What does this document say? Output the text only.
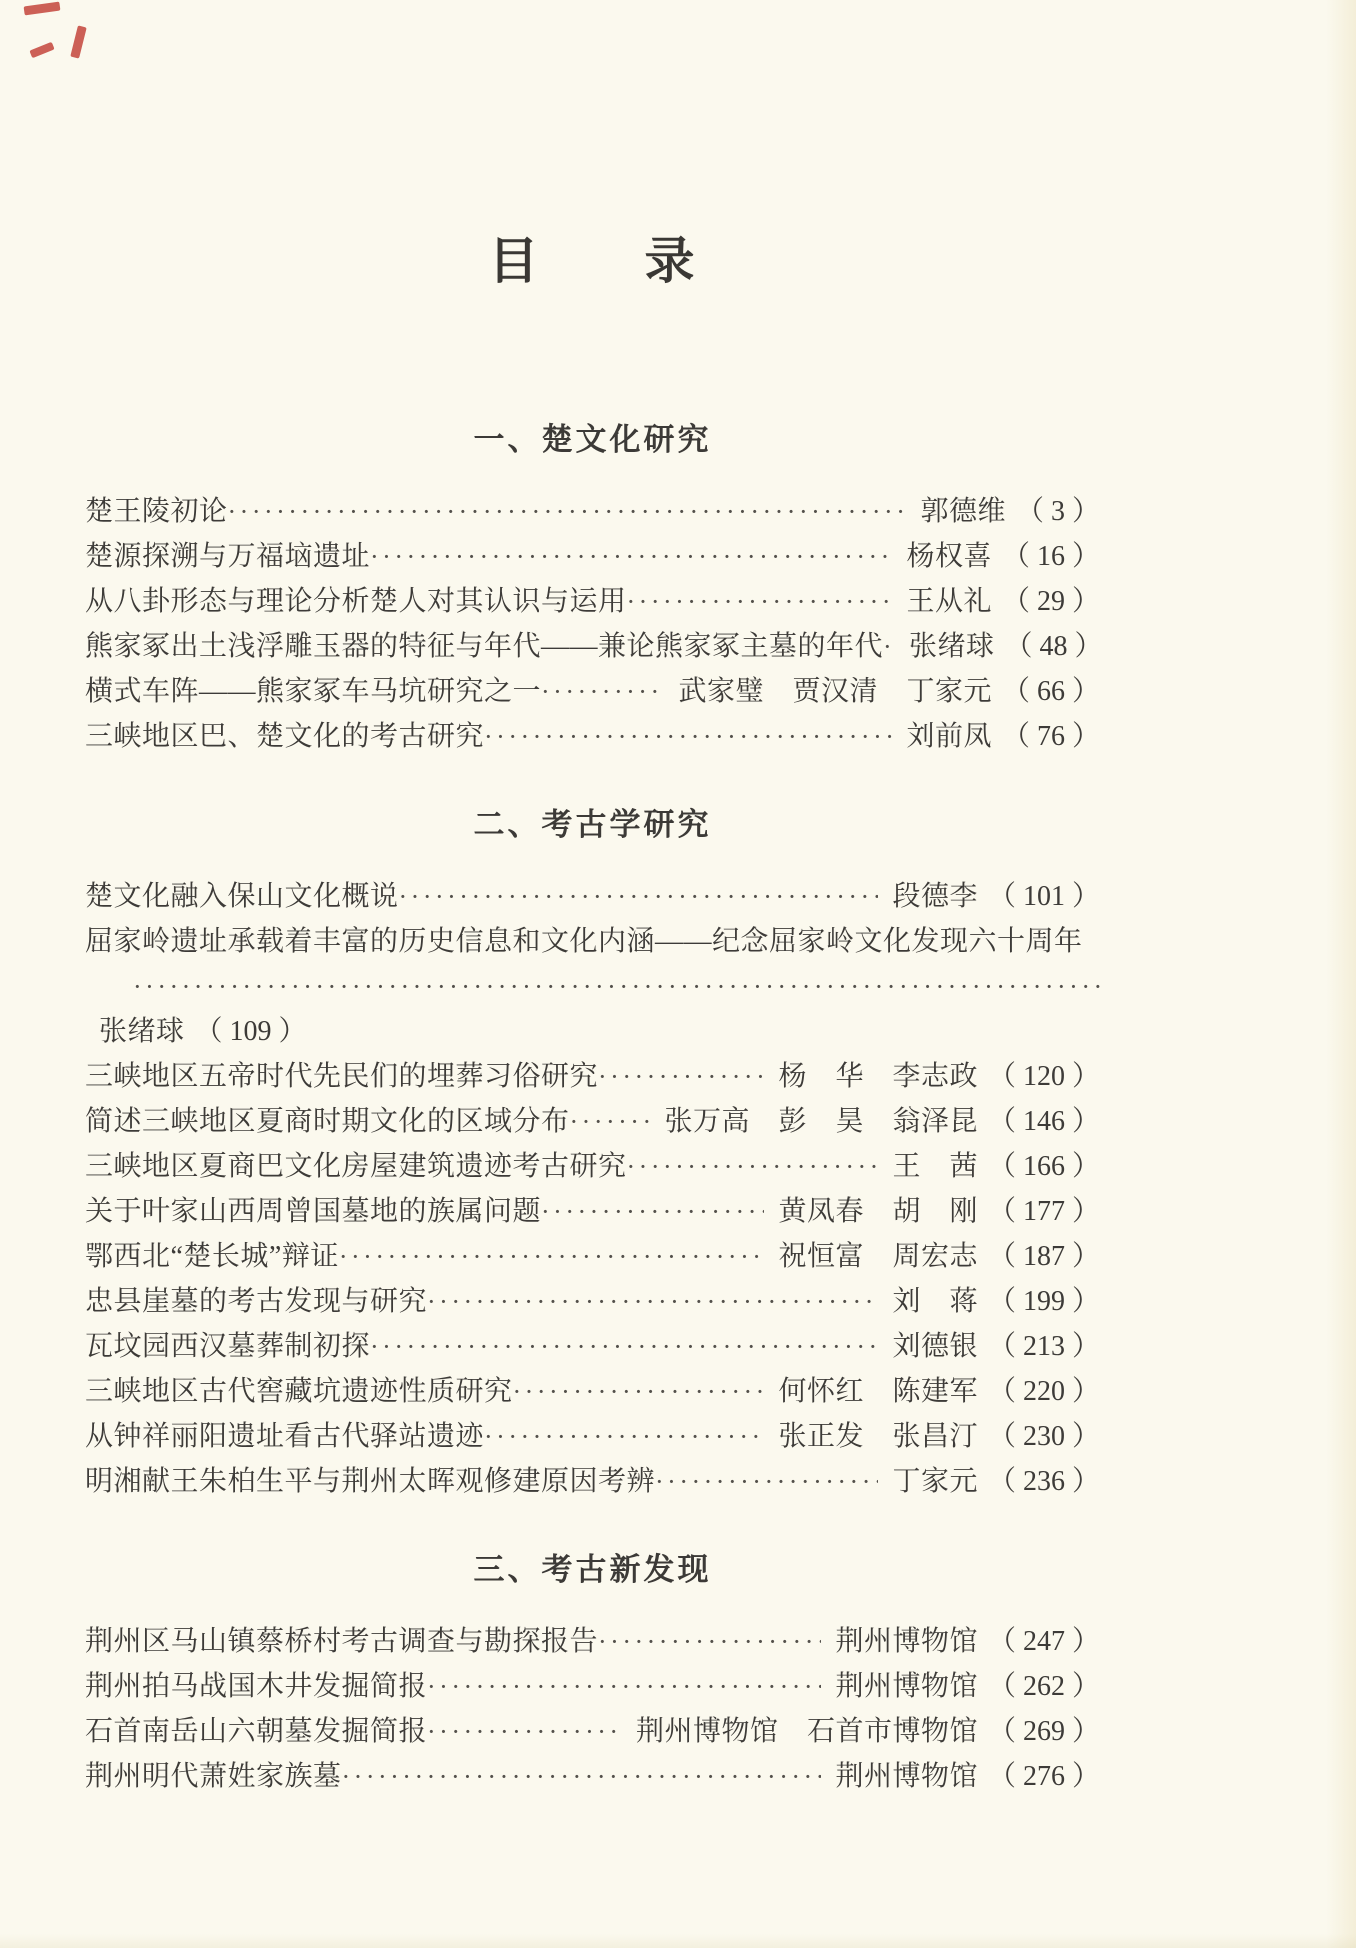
目　　录
一、楚文化研究
楚王陵初论 ·····	郭德维 （ 3 ）
楚源探溯与万福垴遗址 ·····	杨权喜 （ 16 ）
从八卦形态与理论分析楚人对其认识与运用 ·····	王从礼 （ 29 ）
熊家冢出土浅浮雕玉器的特征与年代——兼论熊家冢主墓的年代 ····· 张绪球 （ 48 ）
横式车阵——熊家冢车马坑研究之一 ·····	武家璧　贾汉清　丁家元 （ 66 ）
三峡地区巴、楚文化的考古研究 ·····	刘前凤 （ 76 ）
二、考古学研究
楚文化融入保山文化概说 ·····	段德李 （ 101 ）
屈家岭遗址承载着丰富的历史信息和文化内涵——纪念屈家岭文化发现六十周年
·····
张绪球 （ 109 ）
三峡地区五帝时代先民们的埋葬习俗研究 ·····	杨　华　李志政 （ 120 ）
简述三峡地区夏商时期文化的区域分布 ·····	张万高　彭　昊　翁泽昆 （ 146 ）
三峡地区夏商巴文化房屋建筑遗迹考古研究 ·····	王　茜 （ 166 ）
关于叶家山西周曾国墓地的族属问题 ·····	黄凤春　胡　刚 （ 177 ）
鄂西北“楚长城”辩证 ·····	祝恒富　周宏志 （ 187 ）
忠县崖墓的考古发现与研究 ·····	刘　蒋 （ 199 ）
瓦坟园西汉墓葬制初探 ·····	刘德银 （ 213 ）
三峡地区古代窖藏坑遗迹性质研究 ·····	何怀红　陈建军 （ 220 ）
从钟祥丽阳遗址看古代驿站遗迹 ·····	张正发　张昌汀 （ 230 ）
明湘献王朱柏生平与荆州太晖观修建原因考辨 ·····	丁家元 （ 236 ）
三、考古新发现
荆州区马山镇蔡桥村考古调查与勘探报告 ·····	荆州博物馆 （ 247 ）
荆州拍马战国木井发掘简报 ·····	荆州博物馆 （ 262 ）
石首南岳山六朝墓发掘简报 ·····	荆州博物馆　石首市博物馆 （ 269 ）
荆州明代萧姓家族墓 ·····	荆州博物馆 （ 276 ）
